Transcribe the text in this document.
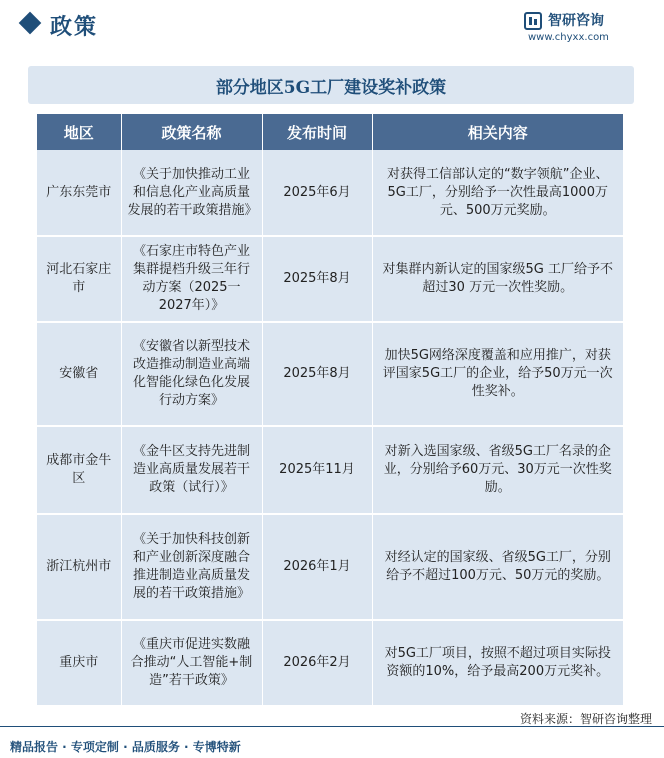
政策	智研咨询
www.chyxx.com
部分地区5G工厂建设奖补政策
地区	政策名称	发布时间	相关内容
广东东莞市	《关于加快推动工业和信息化产业高质量发展的若干政策措施》	2025年6月	对获得工信部认定的“数字领航”企业、5G工厂，分别给予一次性最高1000万元、500万元奖励。
河北石家庄市	《石家庄市特色产业集群提档升级三年行动方案（2025一2027年）》	2025年8月	对集群内新认定的国家级5G 工厂给予不超过30 万元一次性奖励。
安徽省	《安徽省以新型技术改造推动制造业高端化智能化绿色化发展行动方案》	2025年8月	加快5G网络深度覆盖和应用推广，对获评国家5G工厂的企业，给予50万元一次性奖补。
成都市金牛区	《金牛区支持先进制造业高质量发展若干政策（试行）》	2025年11月	对新入选国家级、省级5G工厂名录的企业，分别给予60万元、30万元一次性奖励。
浙江杭州市	《关于加快科技创新和产业创新深度融合推进制造业高质量发展的若干政策措施》	2026年1月	对经认定的国家级、省级5G工厂，分别给予不超过100万元、50万元的奖励。
重庆市	《重庆市促进实数融合推动“人工智能+制造”若干政策》	2026年2月	对5G工厂项目，按照不超过项目实际投资额的10%，给予最高200万元奖补。
资料来源：智研咨询整理
精品报告 · 专项定制 · 品质服务 · 专博特新
